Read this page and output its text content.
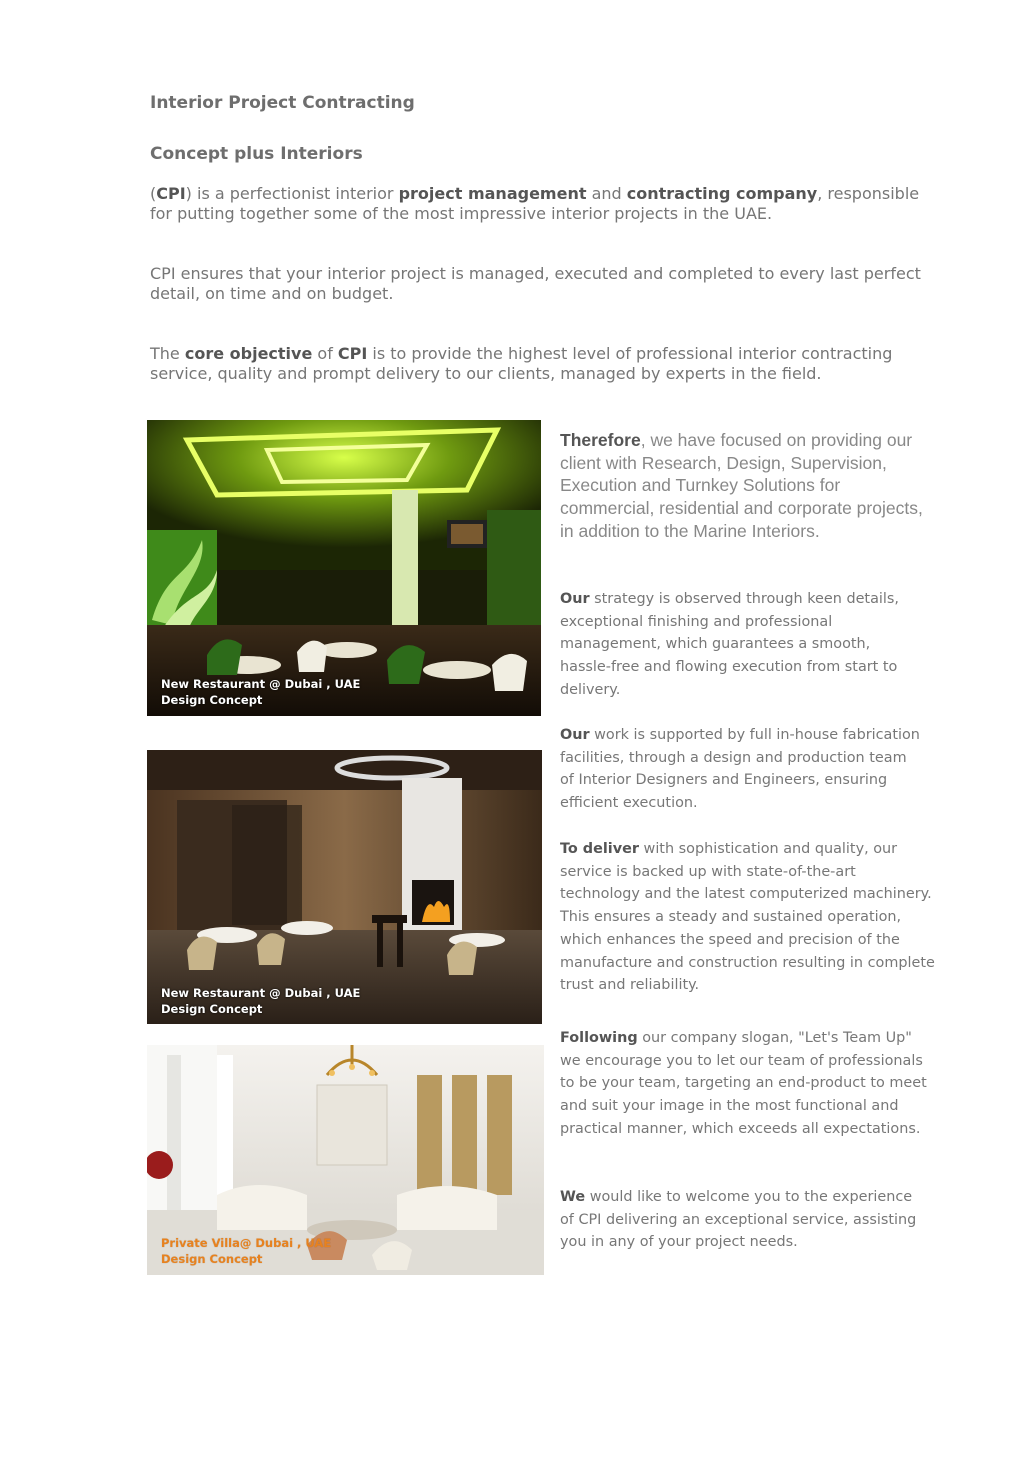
Interior Project Contracting
Concept plus Interiors
(CPI) is a perfectionist interior project management and contracting company, responsible for putting together some of the most impressive interior projects in the UAE.
CPI ensures that your interior project is managed, executed and completed to every last perfect detail, on time and on budget.
The core objective of CPI is to provide the highest level of professional interior contracting service, quality and prompt delivery to our clients, managed by experts in the field.
New Restaurant @ Dubai , UAE
Design Concept
New Restaurant @ Dubai , UAE
Design Concept
Private Villa@ Dubai , UAE
Design Concept
Therefore, we have focused on providing our client with Research, Design, Supervision, Execution and Turnkey Solutions for commercial, residential and corporate projects, in addition to the Marine Interiors.
Our strategy is observed through keen details, exceptional finishing and professional management, which guarantees a smooth, hassle-free and flowing execution from start to delivery.
Our work is supported by full in-house fabrication facilities, through a design and production team of Interior Designers and Engineers, ensuring efficient execution.
To deliver with sophistication and quality, our service is backed up with state-of-the-art technology and the latest computerized machinery. This ensures a steady and sustained operation, which enhances the speed and precision of the manufacture and construction resulting in complete trust and reliability.
Following our company slogan, "Let's Team Up" we encourage you to let our team of professionals to be your team, targeting an end-product to meet and suit your image in the most functional and practical manner, which exceeds all expectations.
We would like to welcome you to the experience of CPI delivering an exceptional service, assisting you in any of your project needs.
